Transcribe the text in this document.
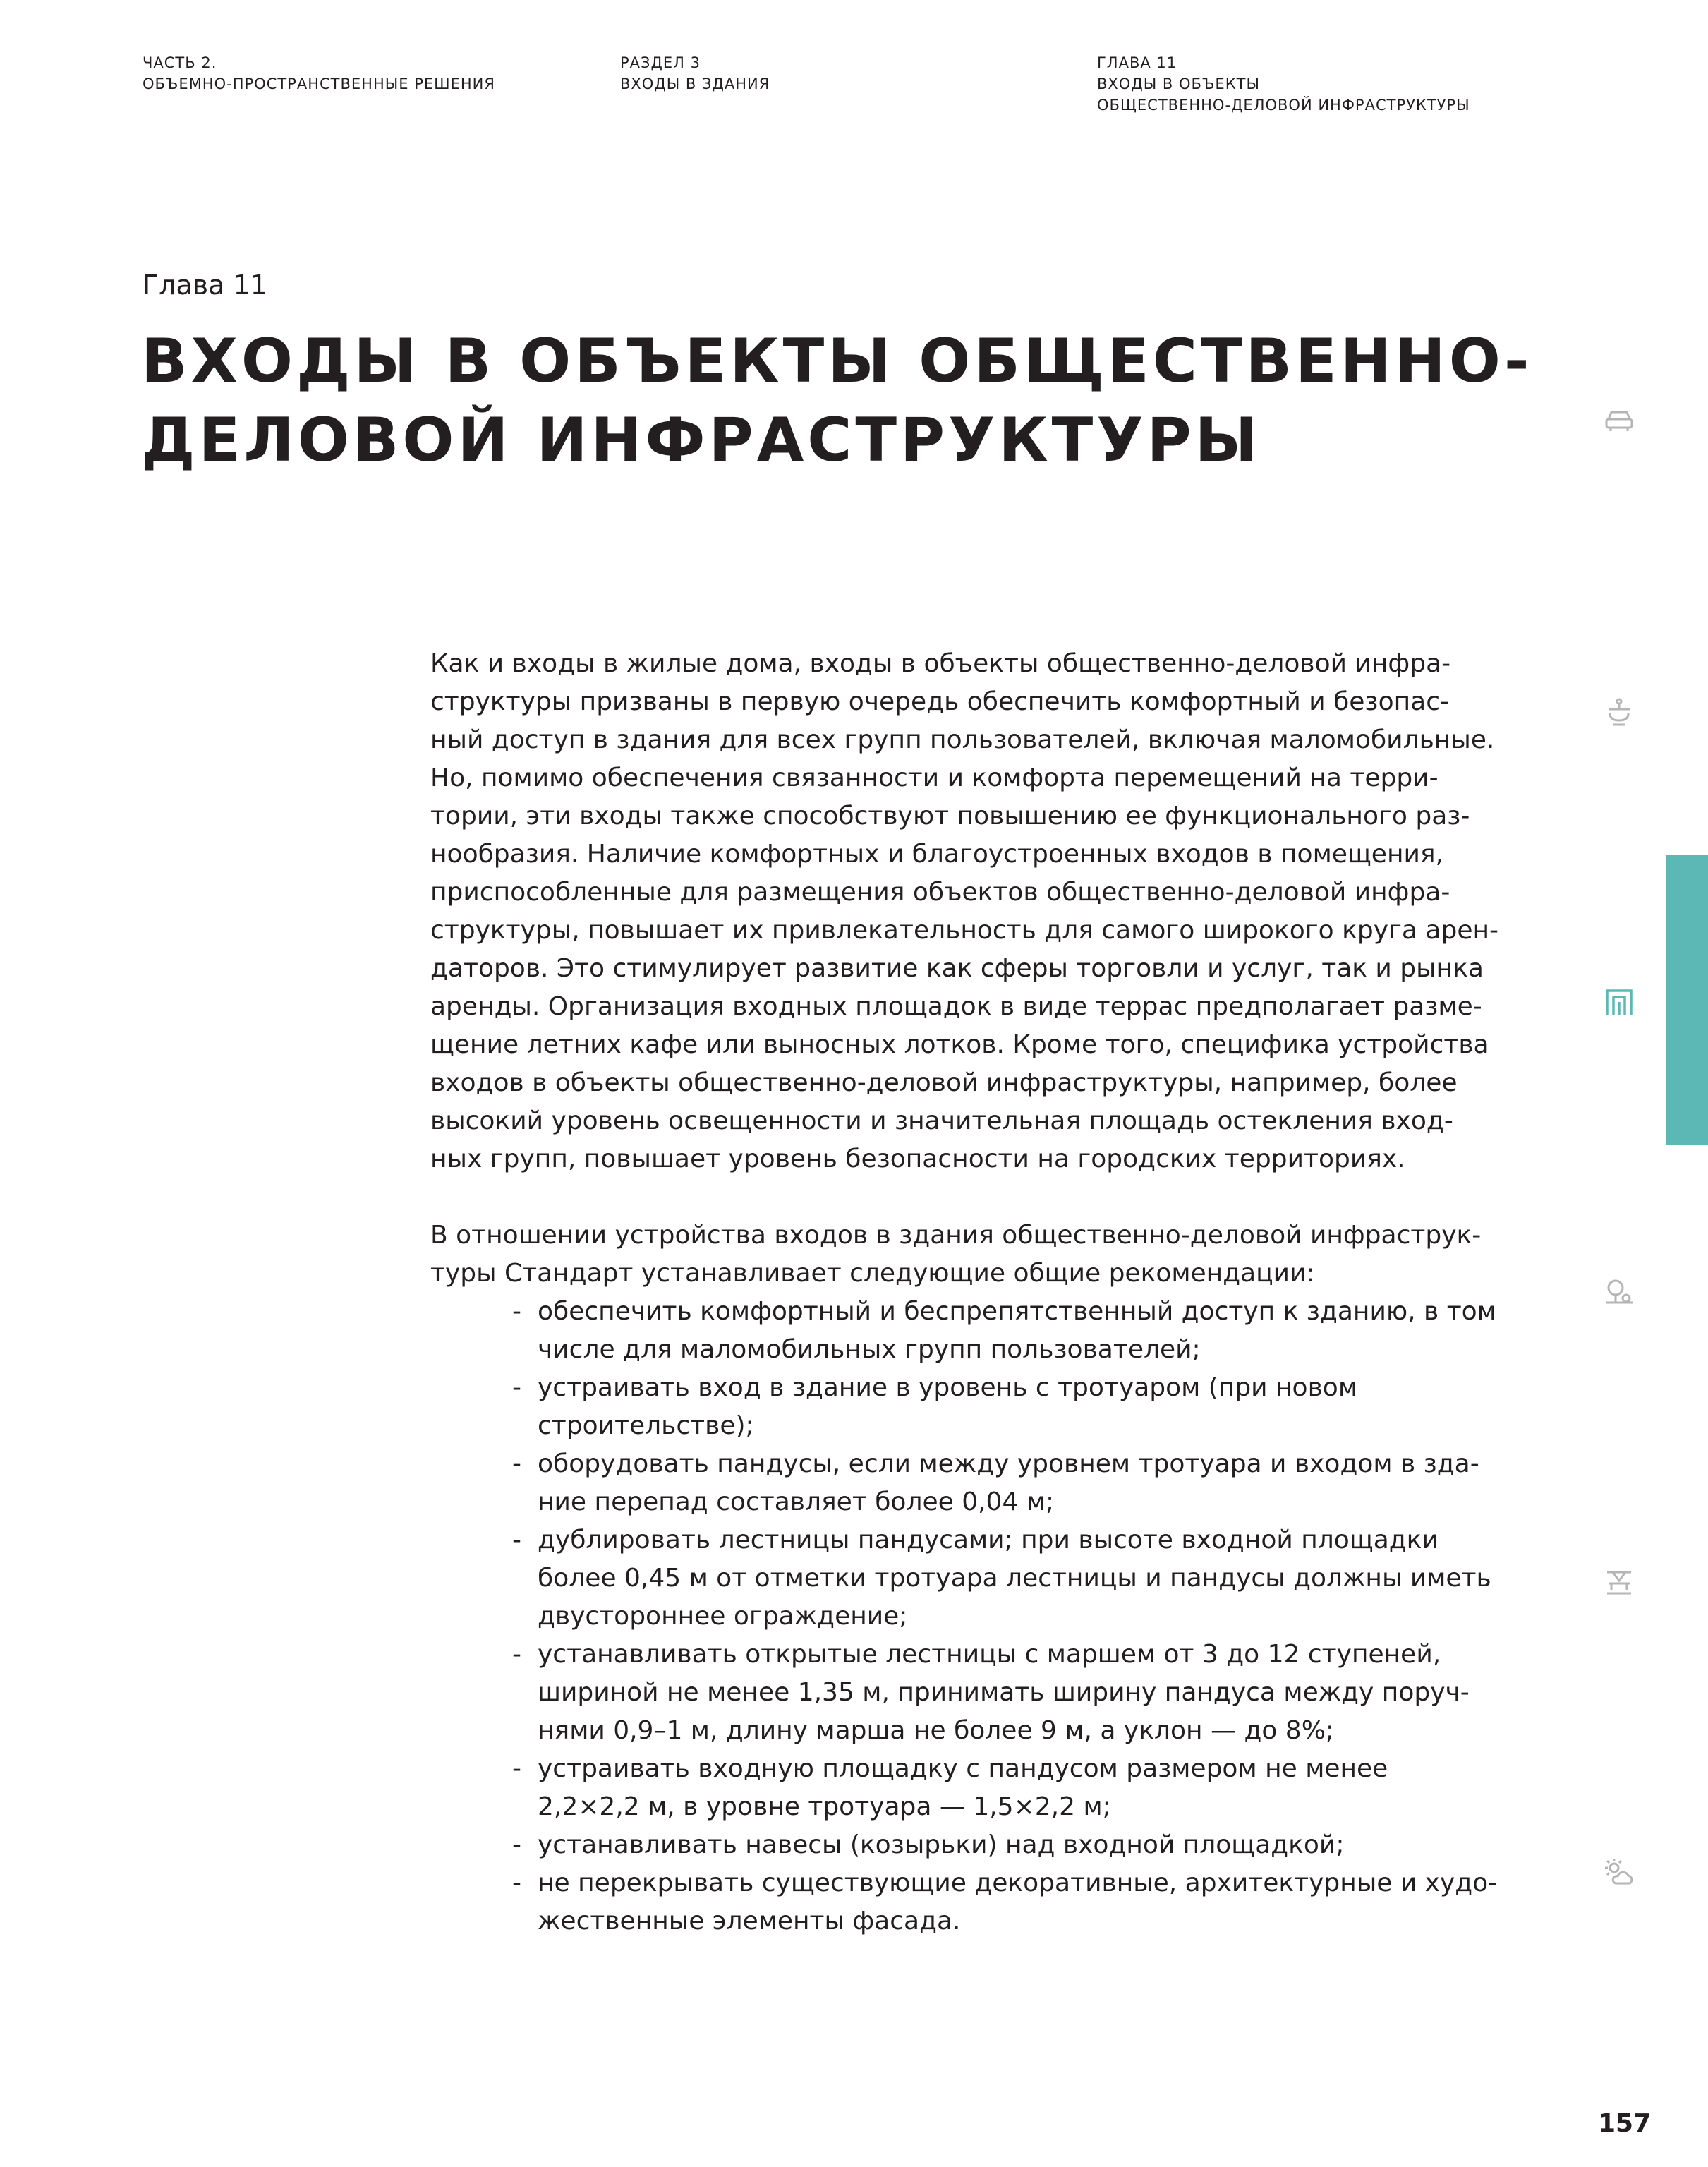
ЧАСТЬ 2.
ОБЪЕМНО-ПРОСТРАНСТВЕННЫЕ РЕШЕНИЯ
РАЗДЕЛ 3
ВХОДЫ В ЗДАНИЯ
ГЛАВА 11
ВХОДЫ В ОБЪЕКТЫ
ОБЩЕСТВЕННО-ДЕЛОВОЙ ИНФРАСТРУКТУРЫ
Глава 11
ВХОДЫ В ОБЪЕКТЫ ОБЩЕСТВЕННО-
ДЕЛОВОЙ ИНФРАСТРУКТУРЫ
Как и входы в жилые дома, входы в объекты общественно-деловой инфра-
структуры призваны в первую очередь обеспечить комфортный и безопас-
ный доступ в здания для всех групп пользователей, включая маломобильные.
Но, помимо обеспечения связанности и комфорта перемещений на терри-
тории, эти входы также способствуют повышению ее функционального раз-
нообразия. Наличие комфортных и благоустроенных входов в помещения,
приспособленные для размещения объектов общественно-деловой инфра-
структуры, повышает их привлекательность для самого широкого круга арен-
даторов. Это стимулирует развитие как сферы торговли и услуг, так и рынка
аренды. Организация входных площадок в виде террас предполагает разме-
щение летних кафе или выносных лотков. Кроме того, специфика устройства
входов в объекты общественно-деловой инфраструктуры, например, более
высокий уровень освещенности и значительная площадь остекления вход-
ных групп, повышает уровень безопасности на городских территориях.
В отношении устройства входов в здания общественно-деловой инфраструк-
туры Стандарт устанавливает следующие общие рекомендации:
- обеспечить комфортный и беспрепятственный доступ к зданию, в том
числе для маломобильных групп пользователей;
- устраивать вход в здание в уровень с тротуаром (при новом
строительстве);
- оборудовать пандусы, если между уровнем тротуара и входом в зда-
ние перепад составляет более 0,04 м;
- дублировать лестницы пандусами; при высоте входной площадки
более 0,45 м от отметки тротуара лестницы и пандусы должны иметь
двустороннее ограждение;
- устанавливать открытые лестницы с маршем от 3 до 12 ступеней,
шириной не менее 1,35 м, принимать ширину пандуса между поруч-
нями 0,9–1 м, длину марша не более 9 м, а уклон — до 8%;
- устраивать входную площадку с пандусом размером не менее
2,2×2,2 м, в уровне тротуара — 1,5×2,2 м;
- устанавливать навесы (козырьки) над входной площадкой;
- не перекрывать существующие декоративные, архитектурные и худо-
жественные элементы фасада.
157
